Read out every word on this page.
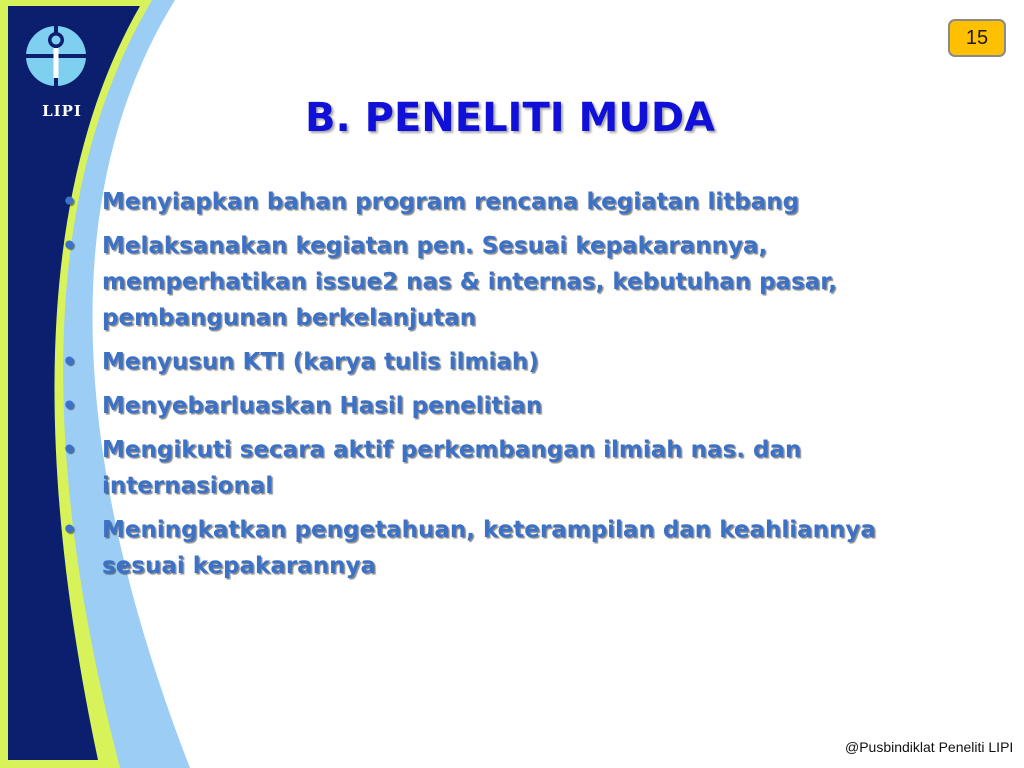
LIPI
15
B. PENELITI MUDA
• Menyiapkan bahan program rencana kegiatan litbang
• Melaksanakan kegiatan pen. Sesuai kepakarannya, memperhatikan issue2 nas & internas, kebutuhan pasar, pembangunan berkelanjutan
• Menyusun KTI (karya tulis ilmiah)
• Menyebarluaskan Hasil penelitian
• Mengikuti secara aktif perkembangan ilmiah nas. dan internasional
• Meningkatkan pengetahuan, keterampilan dan keahliannya sesuai kepakarannya
@Pusbindiklat Peneliti LIPI
